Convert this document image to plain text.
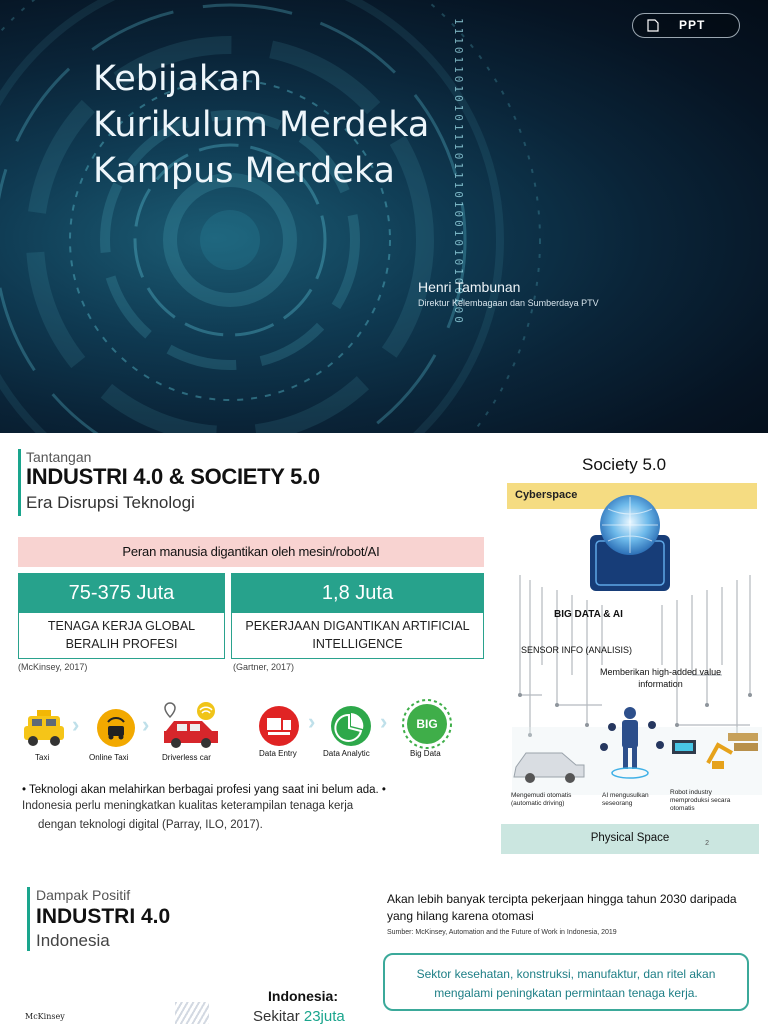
11101101010111011101001010100100	PPT
Kebijakan
Kurikulum Merdeka
Kampus Merdeka
Henri Tambunan
Direktur Kelembagaan dan Sumberdaya PTV
Tantangan
INDUSTRI 4.0 & SOCIETY 5.0
Era Disrupsi Teknologi
Peran manusia digantikan oleh mesin/robot/AI
75-375 Juta
TENAGA KERJA GLOBAL
BERALIH PROFESI
1,8 Juta
PEKERJAAN DIGANTIKAN ARTIFICIAL
INTELLIGENCE
(McKinsey, 2017)	(Gartner, 2017)
Taxi
›
Online Taxi
›
Driverless car	Data Entry
›
Data Analytic
› BIG
Big Data
• Teknologi akan melahirkan berbagai profesi yang saat ini belum ada. •
Indonesia perlu meningkatkan kualitas keterampilan tenaga kerja
dengan teknologi digital (Parray, ILO, 2017).
Society 5.0
Cyberspace
BIG DATA & AI
SENSOR INFO (ANALISIS)
Memberikan high-added value
information
Mengemudi otomatis
(automatic driving)
AI mengusulkan
seseorang
Robot industry
memproduksi secara
otomatis
Physical Space	2
Dampak Positif
INDUSTRI 4.0
Indonesia
Akan lebih banyak tercipta pekerjaan hingga tahun 2030 daripada yang hilang karena otomasi
Sumber: McKinsey, Automation and the Future of Work in Indonesia, 2019
Sektor kesehatan, konstruksi, manufaktur, dan ritel akan mengalami peningkatan permintaan tenaga kerja.
Indonesia:
Sekitar 23juta
McKinsey
